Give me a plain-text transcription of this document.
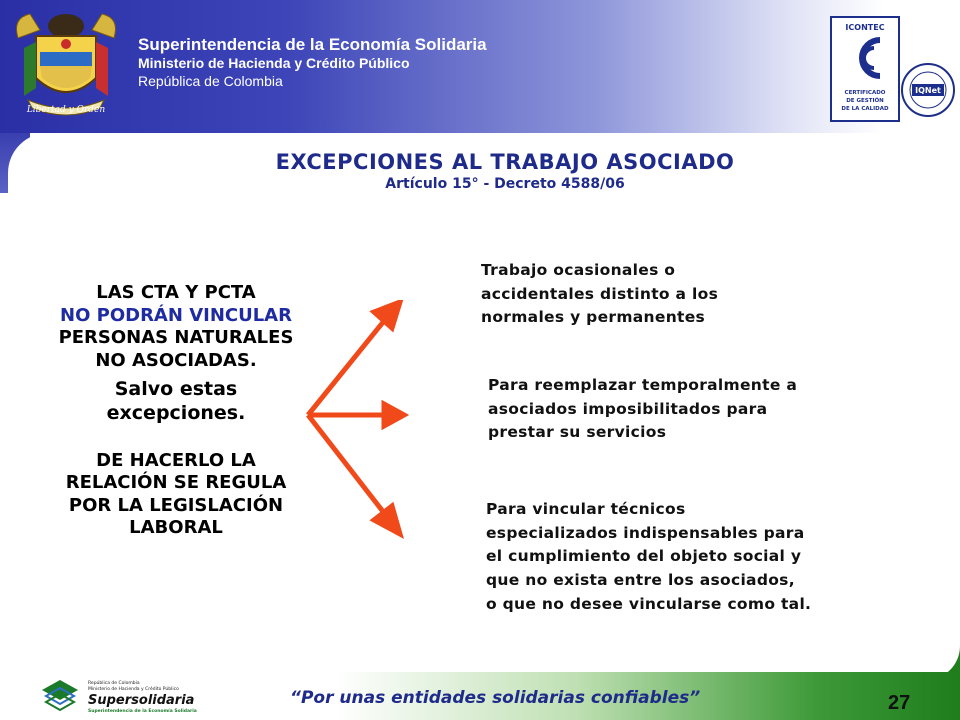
Libertad y Orden
Superintendencia de la Economía Solidaria
Ministerio de Hacienda y Crédito Público
República de Colombia
ICONTEC
CERTIFICADO
DE GESTIÓN
DE LA CALIDAD
IQNet
EXCEPCIONES AL TRABAJO ASOCIADO
Artículo 15° - Decreto 4588/06
LAS CTA Y PCTA
NO PODRÁN VINCULAR
PERSONAS NATURALES NO ASOCIADAS.
Salvo estas excepciones.
DE HACERLO LA RELACIÓN SE REGULA POR LA LEGISLACIÓN LABORAL
Trabajo ocasionales o
accidentales distinto a los
normales y permanentes
Para reemplazar temporalmente a
asociados imposibilitados para
prestar su servicios
Para vincular técnicos
especializados indispensables para
el cumplimiento del objeto social y
que no exista entre los asociados,
o que no desee vincularse como tal.
República de Colombia
Ministerio de Hacienda y Crédito Público
Supersolidaria
Superintendencia de la Economía Solidaria
“Por unas entidades solidarias confiables”	27
